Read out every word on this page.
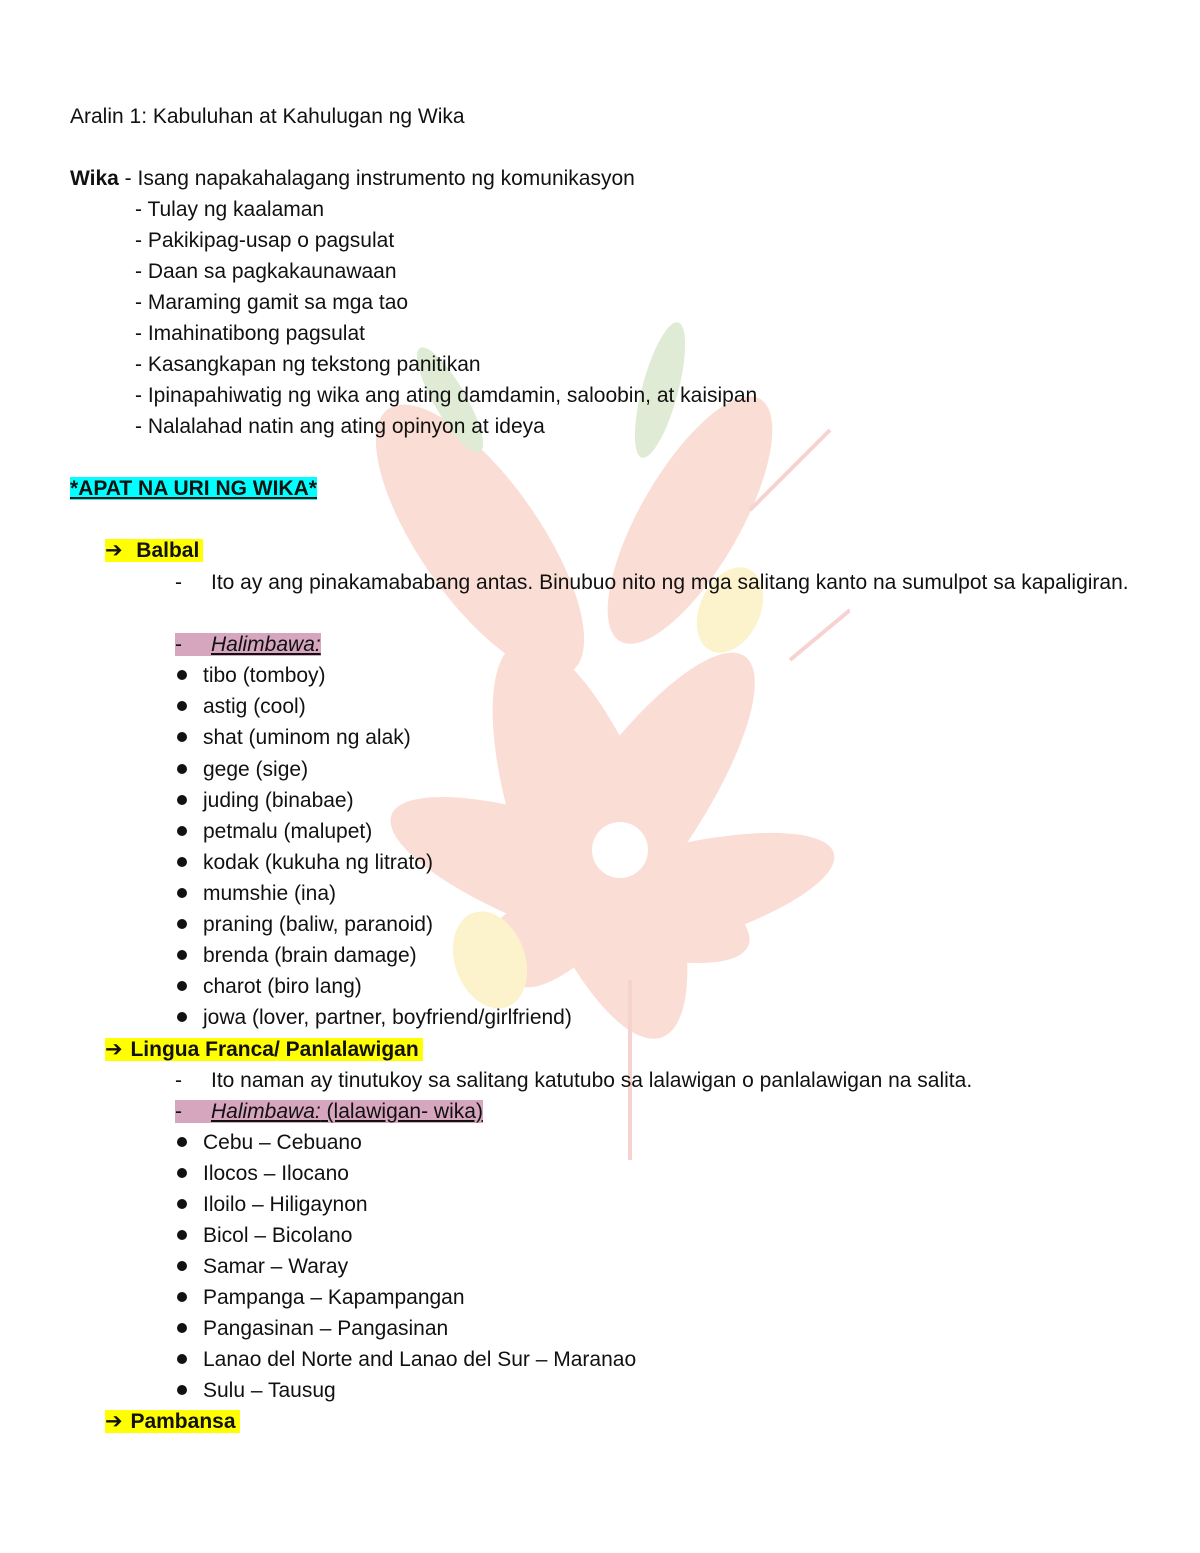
Aralin 1: Kabuluhan at Kahulugan ng Wika
Wika - Isang napakahalagang instrumento ng komunikasyon
- Tulay ng kaalaman
- Pakikipag-usap o pagsulat
- Daan sa pagkakaunawaan
- Maraming gamit sa mga tao
- Imahinatibong pagsulat
- Kasangkapan ng tekstong panitikan
- Ipinapahiwatig ng wika ang ating damdamin, saloobin, at kaisipan
- Nalalahad natin ang ating opinyon at ideya
*APAT NA URI NG WIKA*
➔ Balbal
- Ito ay ang pinakamababang antas. Binubuo nito ng mga salitang kanto na sumulpot sa kapaligiran.
- Halimbawa:
tibo (tomboy)
astig (cool)
shat (uminom ng alak)
gege (sige)
juding (binabae)
petmalu (malupet)
kodak (kukuha ng litrato)
mumshie (ina)
praning (baliw, paranoid)
brenda (brain damage)
charot (biro lang)
jowa (lover, partner, boyfriend/girlfriend)
➔ Lingua Franca/ Panlalawigan
- Ito naman ay tinutukoy sa salitang katutubo sa lalawigan o panlalawigan na salita.
- Halimbawa: (lalawigan- wika)
Cebu – Cebuano
Ilocos – Ilocano
Iloilo – Hiligaynon
Bicol – Bicolano
Samar – Waray
Pampanga – Kapampangan
Pangasinan – Pangasinan
Lanao del Norte and Lanao del Sur – Maranao
Sulu – Tausug
➔ Pambansa
